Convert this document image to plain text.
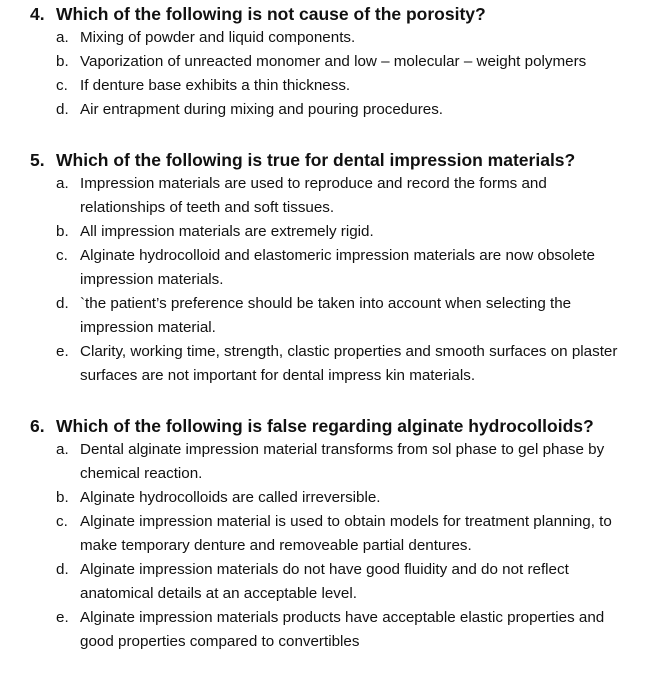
4. Which of the following is not cause of the porosity?
a. Mixing of powder and liquid components.
b. Vaporization of unreacted monomer and low – molecular – weight polymers
c. If denture base exhibits a thin thickness.
d. Air entrapment during mixing and pouring procedures.
5. Which of the following is true for dental impression materials?
a. Impression materials are used to reproduce and record the forms and relationships of teeth and soft tissues.
b. All impression materials are extremely rigid.
c. Alginate hydrocolloid and elastomeric impression materials are now obsolete impression materials.
d. `the patient’s preference should be taken into account when selecting the impression material.
e. Clarity, working time, strength, clastic properties and smooth surfaces on plaster surfaces are not important for dental impress kin materials.
6. Which of the following is false regarding alginate hydrocolloids?
a. Dental alginate impression material transforms from sol phase to gel phase by chemical reaction.
b. Alginate hydrocolloids are called irreversible.
c. Alginate impression material is used to obtain models for treatment planning, to make temporary denture and removeable partial dentures.
d. Alginate impression materials do not have good fluidity and do not reflect anatomical details at an acceptable level.
e. Alginate impression materials products have acceptable elastic properties and good properties compared to convertibles
